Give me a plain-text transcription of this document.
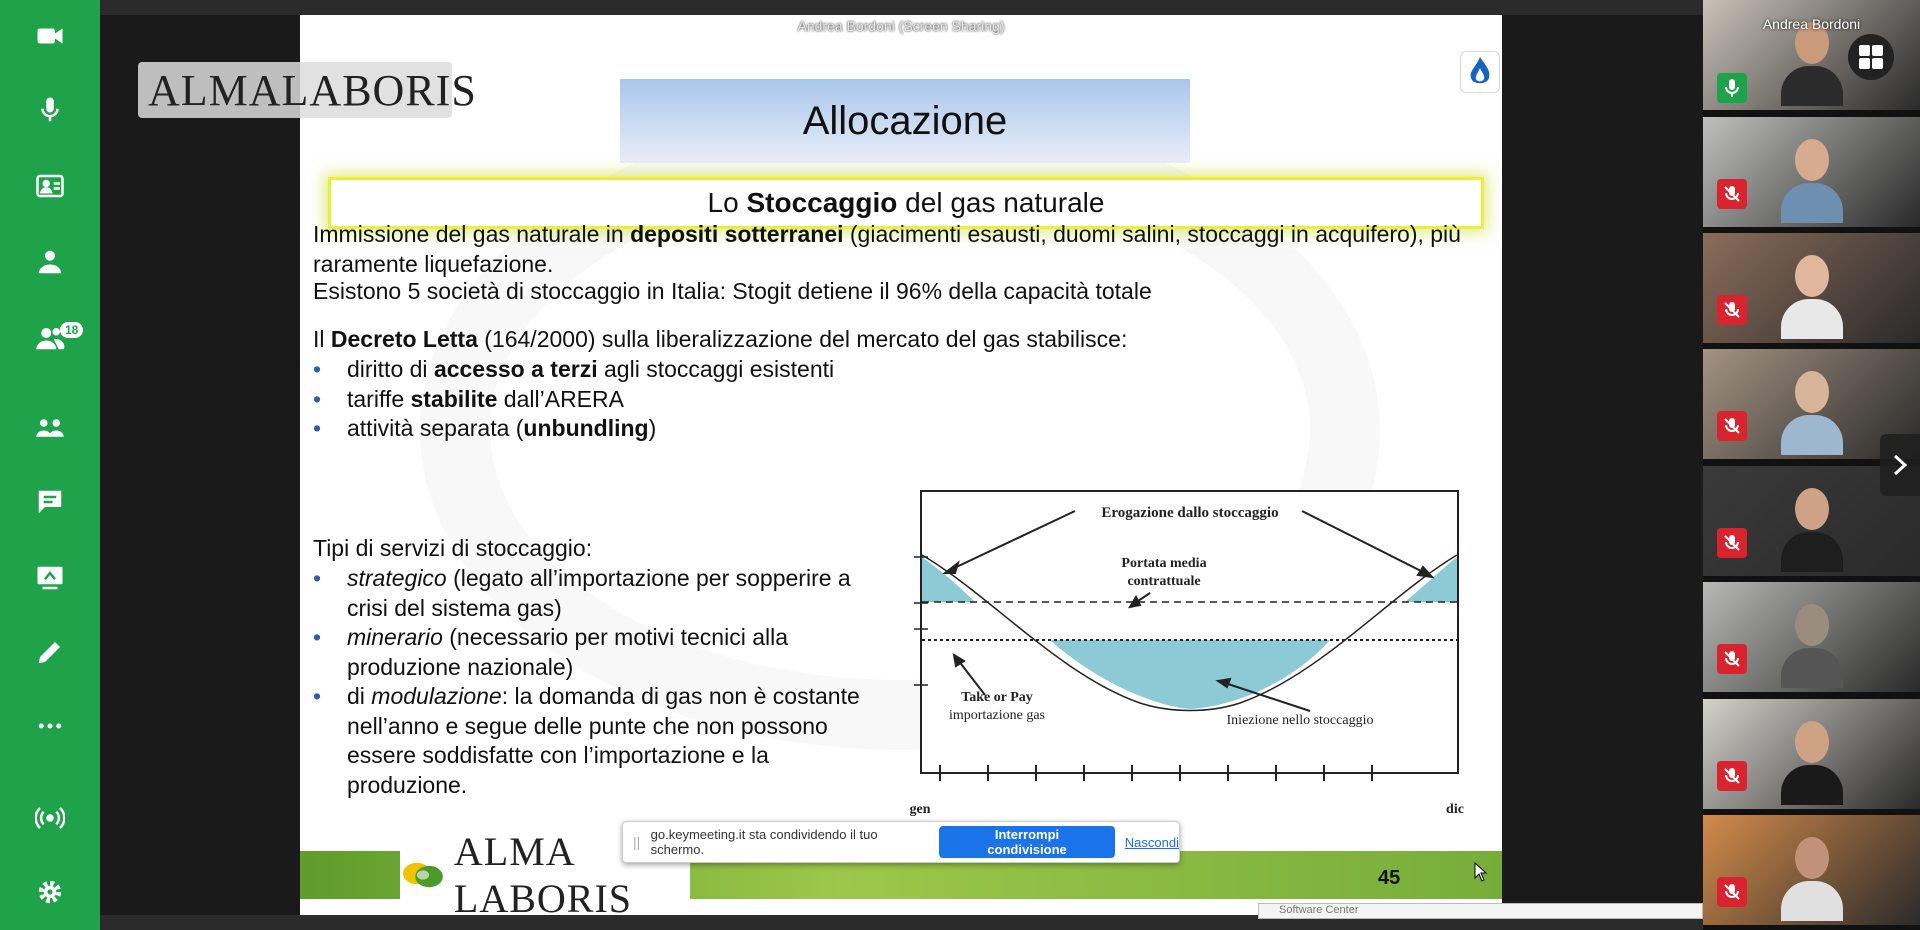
18
Allocazione
Lo Stoccaggio del gas naturale
Immissione del gas naturale in depositi sotterranei (giacimenti esausti, duomi salini, stoccaggi in acquifero), più raramente liquefazione.
Esistono 5 società di stoccaggio in Italia: Stogit detiene il 96% della capacità totale
Il Decreto Letta (164/2000) sulla liberalizzazione del mercato del gas stabilisce:
• diritto di accesso a terzi agli stoccaggi esistenti
• tariffe stabilite dall’ARERA
• attività separata (unbundling)
Tipi di servizi di stoccaggio:
• strategico (legato all’importazione per sopperire a crisi del sistema gas)
• minerario (necessario per motivi tecnici alla produzione nazionale)
• di modulazione: la domanda di gas non è costante nell’anno e segue delle punte che non possono essere soddisfatte con l’importazione e la produzione.
Erogazione dallo stoccaggio
Portata media
contrattuale
Take or Pay
importazione gas	Iniezione nello stoccaggio
gen	dic
ALMA LABORIS	45
Andrea Bordoni (Screen Sharing)
ALMALABORIS
|| go.keymeeting.it sta condividendo il tuo schermo.
Interrompi condivisione	Nascondi
Software Center
Andrea Bordoni
